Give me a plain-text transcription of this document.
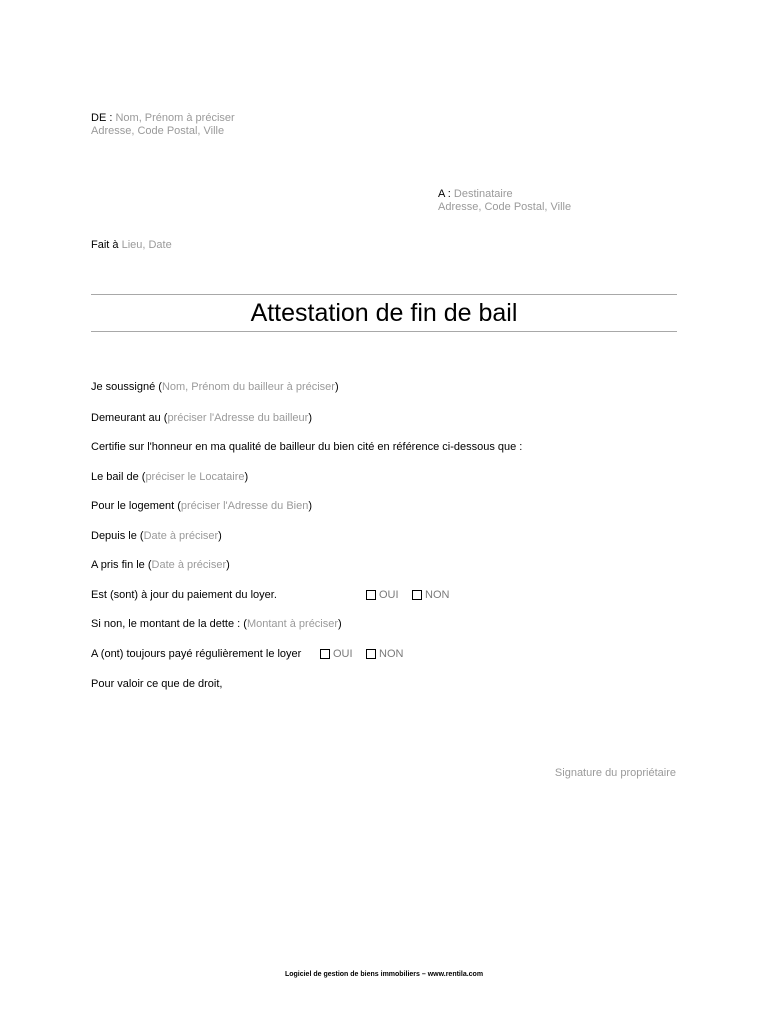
DE : Nom, Prénom à préciser
Adresse, Code Postal, Ville
A : Destinataire
Adresse, Code Postal, Ville
Fait à Lieu, Date
Attestation de fin de bail
Je soussigné (Nom, Prénom du bailleur à préciser)
Demeurant au (préciser l'Adresse du bailleur)
Certifie sur l'honneur en ma qualité de bailleur du bien cité en référence ci-dessous que :
Le bail de (préciser le Locataire)
Pour le logement (préciser l'Adresse du Bien)
Depuis le (Date à préciser)
A pris fin le (Date à préciser)
Est (sont) à jour du paiement du loyer.	OUI	NON
Si non, le montant de la dette : (Montant à préciser)
A (ont) toujours payé régulièrement le loyer	OUI	NON
Pour valoir ce que de droit,
Signature du propriétaire
Logiciel de gestion de biens immobiliers – www.rentila.com
